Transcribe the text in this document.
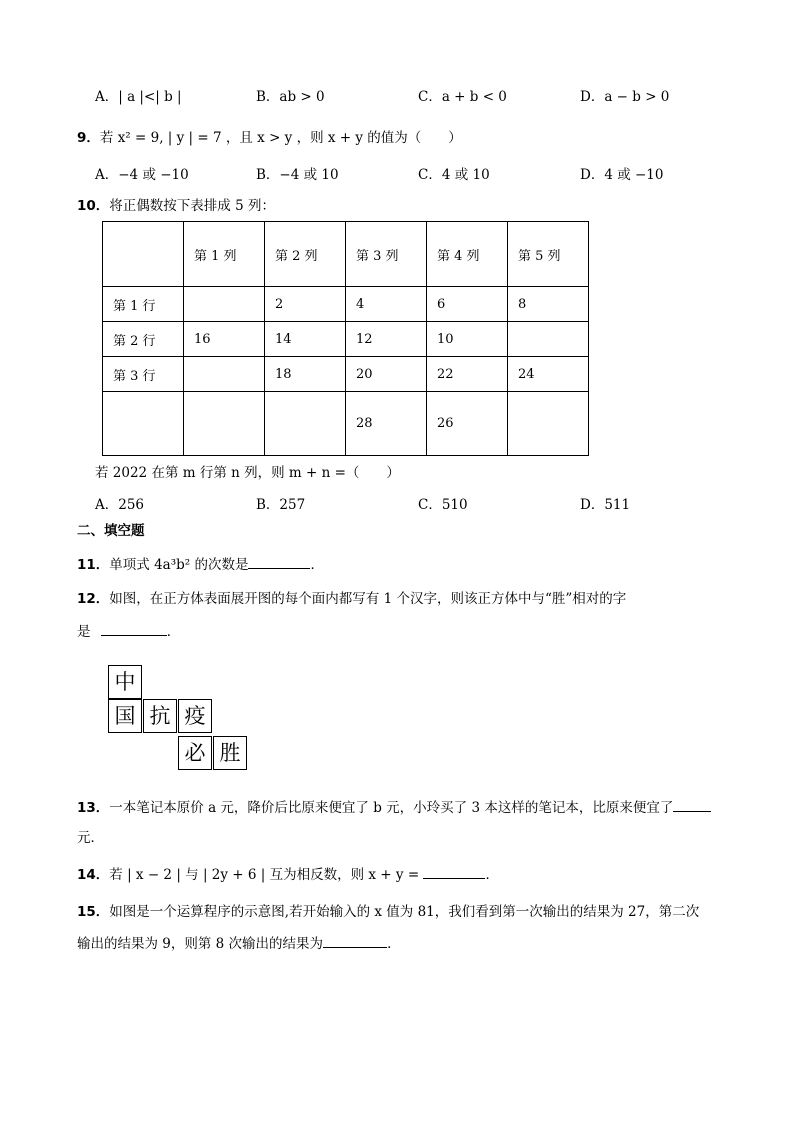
A．| a |<| b |	B．ab > 0	C．a + b < 0	D．a − b > 0
9．若 x² = 9, | y | = 7 ，且 x > y ，则 x + y 的值为（　　）
A．−4 或 −10	B．−4 或 10	C．4 或 10	D．4 或 −10
10．将正偶数按下表排成 5 列：
	第 1 列	第 2 列	第 3 列	第 4 列	第 5 列
第 1 行		2	4	6	8
第 2 行	16	14	12	10	
第 3 行		18	20	22	24
			28	26	
若 2022 在第 m 行第 n 列，则 m + n =（　　）
A．256	B．257	C．510	D．511
二、填空题
11．单项式 4a³b² 的次数是	．
12．如图，在正方体表面展开图的每个面内都写有 1 个汉字，则该正方体中与“胜”相对的字
是	．
中
国 抗 疫
必 胜
13．一本笔记本原价 a 元，降价后比原来便宜了 b 元，小玲买了 3 本这样的笔记本，比原来便宜了
元．
14．若 | x − 2 | 与 | 2y + 6 | 互为相反数，则 x + y =	．
15．如图是一个运算程序的示意图,若开始输入的 x 值为 81，我们看到第一次输出的结果为 27，第二次
输出的结果为 9，则第 8 次输出的结果为	．
